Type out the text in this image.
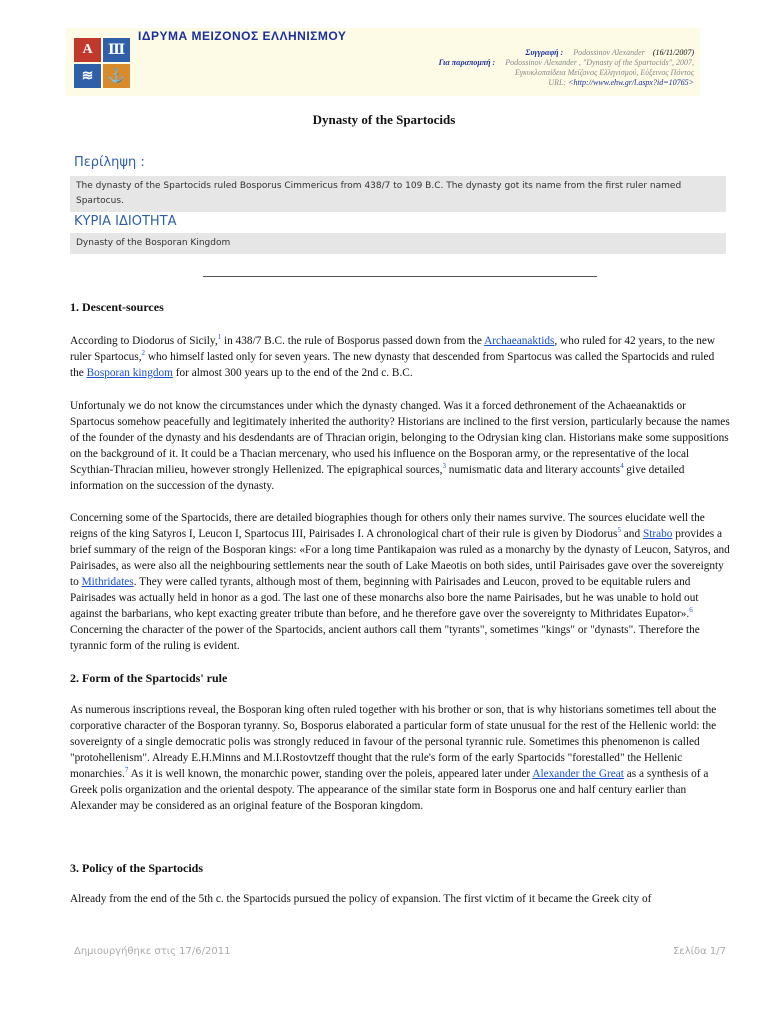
ΙΔΡΥΜΑ ΜΕΙΖΟΝΟΣ ΕΛΛΗΝΙΣΜΟΥ
Α	Ⅲ
≋	⚓
Συγγραφή : Podossinov Alexander (16/11/2007)
Για παραπομπή : Podossinov Alexander , "Dynasty of the Spartocids", 2007,
Εγκυκλοπαίδεια Μείζονος Ελληνισμού, Εύξεινος Πόντος
URL: <http://www.ehw.gr/l.aspx?id=10765>
Dynasty of the Spartocids
Περίληψη :
The dynasty of the Spartocids ruled Bosporus Cimmericus from 438/7 to 109 B.C. The dynasty got its name from the first ruler named Spartocus.
ΚΥΡΙΑ ΙΔΙΟΤΗΤΑ
Dynasty of the Bosporan Kingdom
1. Descent-sources

According to Diodorus of Sicily,$^1$ in 438/7 B.C. the rule of Bosporus passed down from the Archaeanaktids, who ruled for 42 years, to the new ruler Spartocus,$^2$ who himself lasted only for seven years. The new dynasty that descended from Spartocus was called the Spartocids and ruled the Bosporan kingdom for almost 300 years up to the end of the 2nd c. B.C.

Unfortunaly we do not know the circumstances under which the dynasty changed. Was it a forced dethronement of the Achaeanaktids or Spartocus somehow peacefully and legitimately inherited the authority? Historians are inclined to the first version, particularly because the names of the founder of the dynasty and his desdendants are of Thracian origin, belonging to the Odrysian king clan. Historians make some suppositions on the background of it. It could be a Thacian mercenary, who used his influence on the Bosporan army, or the representative of the local Scythian-Thracian milieu, however strongly Hellenized. The epigraphical sources,$^3$ numismatic data and literary accounts$^4$ give detailed information on the succession of the dynasty.

Concerning some of the Spartocids, there are detailed biographies though for others only their names survive. The sources elucidate well the reigns of the king Satyros I, Leucon I, Spartocus III, Pairisades I. A chronological chart of their rule is given by Diodorus$^5$ and Strabo provides a brief summary of the reign of the Bosporan kings: «For a long time Pantikapaion was ruled as a monarchy by the dynasty of Leucon, Satyros, and Pairisades, as were also all the neighbouring settlements near the south of Lake Maeotis on both sides, until Pairisades gave over the sovereignty to Mithridates. They were called tyrants, although most of them, beginning with Pairisades and Leucon, proved to be equitable rulers and Pairisades was actually held in honor as a god. The last one of these monarchs also bore the name Pairisades, but he was unable to hold out against the barbarians, who kept exacting greater tribute than before, and he therefore gave over the sovereignty to Mithridates Eupator».$^6$ Concerning the character of the power of the Spartocids, ancient authors call them "tyrants", sometimes "kings" or "dynasts". Therefore the tyrannic form of the ruling is evident.

2. Form of the Spartocids' rule

As numerous inscriptions reveal, the Bosporan king often ruled together with his brother or son, that is why historians sometimes tell about the corporative character of the Bosporan tyranny. So, Bosporus elaborated a particular form of state unusual for the rest of the Hellenic world: the sovereignty of a single democratic polis was strongly reduced in favour of the personal tyrannic rule. Sometimes this phenomenon is called "protohellenism". Already E.H.Minns and M.I.Rostovtzeff thought that the rule's form of the early Spartocids "forestalled" the Hellenic monarchies.$^7$ As it is well known, the monarchic power, standing over the poleis, appeared later under Alexander the Great as a synthesis of a Greek polis organization and the oriental despoty. The appearance of the similar state form in Bosporus one and half century earlier than Alexander may be considered as an original feature of the Bosporan kingdom.

3. Policy of the Spartocids

Already from the end of the 5th c. the Spartocids pursued the policy of expansion. The first victim of it became the Greek city of

Δημιουργήθηκε στις 17/6/2011	Σελίδα 1/7
